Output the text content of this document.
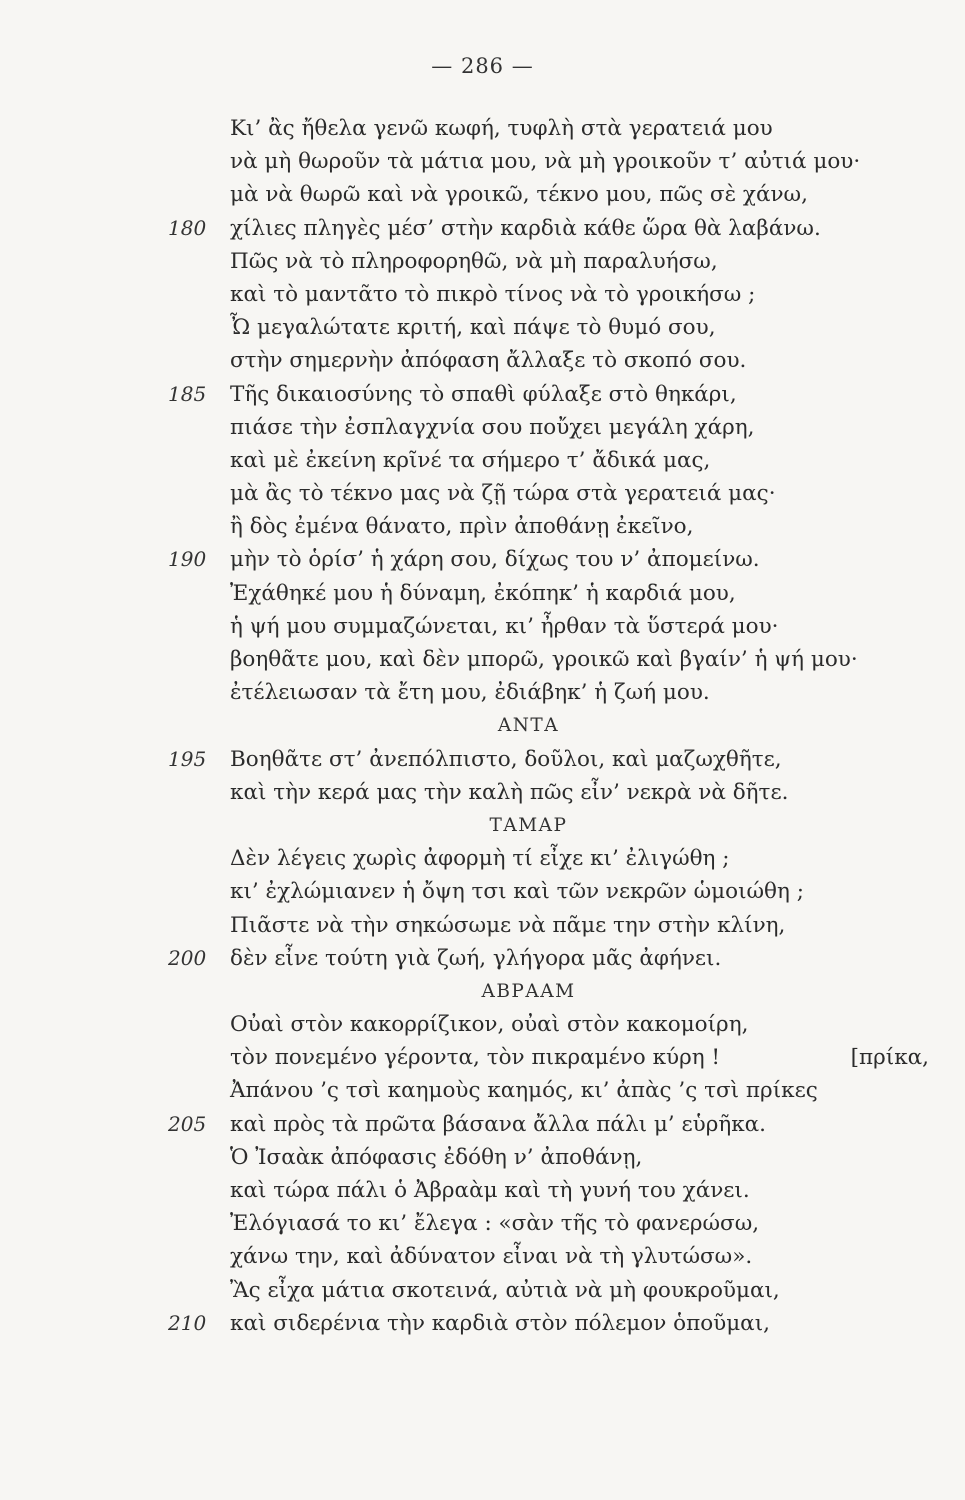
— 286 —
Κι’ ἂς ἤθελα γενῶ κωφή, τυφλὴ στὰ γερατειά μου
νὰ μὴ θωροῦν τὰ μάτια μου, νὰ μὴ γροικοῦν τ’ αὐτιά μου·
μὰ νὰ θωρῶ καὶ νὰ γροικῶ, τέκνο μου, πῶς σὲ χάνω,
180	χίλιες πληγὲς μέσ’ στὴν καρδιὰ κάθε ὥρα θὰ λαβάνω.
Πῶς νὰ τὸ πληροφορηθῶ, νὰ μὴ παραλυήσω,
καὶ τὸ μαντᾶτο τὸ πικρὸ τίνος νὰ τὸ γροικήσω ;
Ὦ μεγαλώτατε κριτή, καὶ πάψε τὸ θυμό σου,
στὴν σημερνὴν ἀπόφαση ἄλλαξε τὸ σκοπό σου.
185	Τῆς δικαιοσύνης τὸ σπαθὶ φύλαξε στὸ θηκάρι,
πιάσε τὴν ἐσπλαγχνία σου ποὔχει μεγάλη χάρη,
καὶ μὲ ἐκείνη κρῖνέ τα σήμερο τ’ ἄδικά μας,
μὰ ἂς τὸ τέκνο μας νὰ ζῇ τώρα στὰ γερατειά μας·
ἢ δὸς ἐμένα θάνατο, πρὶν ἀποθάνῃ ἐκεῖνο,
190	μὴν τὸ ὁρίσ’ ἡ χάρη σου, δίχως του ν’ ἀπομείνω.
Ἐχάθηκέ μου ἡ δύναμη, ἐκόπηκ’ ἡ καρδιά μου,
ἡ ψή μου συμμαζώνεται, κι’ ἦρθαν τὰ ὕστερά μου·
βοηθᾶτε μου, καὶ δὲν μπορῶ, γροικῶ καὶ βγαίν’ ἡ ψή μου·
ἐτέλειωσαν τὰ ἔτη μου, ἐδιάβηκ’ ἡ ζωή μου.
ΑΝΤΑ
195	Βοηθᾶτε στ’ ἀνεπόλπιστο, δοῦλοι, καὶ μαζωχθῆτε,
καὶ τὴν κερά μας τὴν καλὴ πῶς εἶν’ νεκρὰ νὰ δῆτε.
ΤΑΜΑΡ
Δὲν λέγεις χωρὶς ἀφορμὴ τί εἶχε κι’ ἐλιγώθη ;
κι’ ἐχλώμιανεν ἡ ὄψη τσι καὶ τῶν νεκρῶν ὡμοιώθη ;
Πιᾶστε νὰ τὴν σηκώσωμε νὰ πᾶμε την στὴν κλίνη,
200	δὲν εἶνε τούτη γιὰ ζωή, γλήγορα μᾶς ἀφήνει.
ΑΒΡΑΑΜ
Οὐαὶ στὸν κακορρίζικον, οὐαὶ στὸν κακομοίρη,
τὸν πονεμένο γέροντα, τὸν πικραμένο κύρη !	[πρίκα,
Ἀπάνου ’ς τσὶ καημοὺς καημός, κι’ ἀπὰς ’ς τσὶ πρίκες
205	καὶ πρὸς τὰ πρῶτα βάσανα ἄλλα πάλι μ’ εὑρῆκα.
Ὁ Ἰσαὰκ ἀπόφασις ἐδόθη ν’ ἀποθάνῃ,
καὶ τώρα πάλι ὁ Ἀβραὰμ καὶ τὴ γυνή του χάνει.
Ἐλόγιασά το κι’ ἔλεγα : «σὰν τῆς τὸ φανερώσω,
χάνω την, καὶ ἀδύνατον εἶναι νὰ τὴ γλυτώσω».
Ἂς εἶχα μάτια σκοτεινά, αὐτιὰ νὰ μὴ φουκροῦμαι,
210	καὶ σιδερένια τὴν καρδιὰ στὸν πόλεμον ὁποῦμαι,
